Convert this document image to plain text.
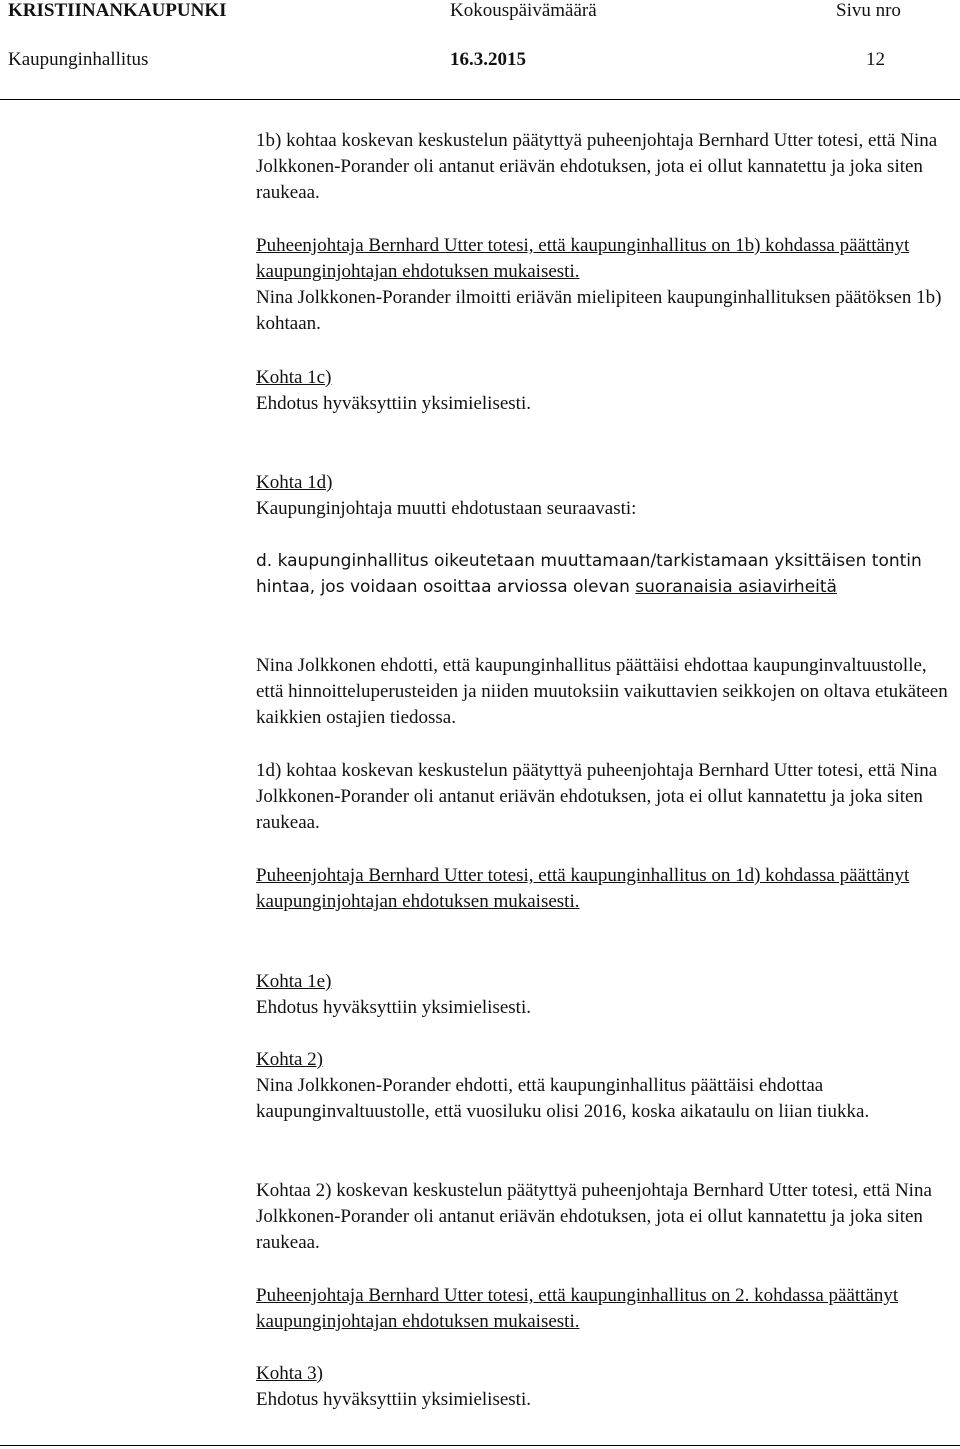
KRISTIINANKAUPUNKI	Kokouspäivämäärä	Sivu nro
Kaupunginhallitus	16.3.2015	12

1b) kohtaa koskevan keskustelun päätyttyä puheenjohtaja Bernhard Utter totesi, että Nina Jolkkonen-Porander oli antanut eriävän ehdotuksen, jota ei ollut kannatettu ja joka siten raukeaa.

Puheenjohtaja Bernhard Utter totesi, että kaupunginhallitus on 1b) kohdassa päättänyt kaupunginjohtajan ehdotuksen mukaisesti.

Nina Jolkkonen-Porander ilmoitti eriävän mielipiteen kaupunginhallituksen päätöksen 1b) kohtaan.

Kohta 1c)

Ehdotus hyväksyttiin yksimielisesti.

Kohta 1d)

Kaupunginjohtaja muutti ehdotustaan seuraavasti:

d. kaupunginhallitus oikeutetaan muuttamaan/tarkistamaan yksittäisen tontin hintaa, jos voidaan osoittaa arviossa olevan suoranaisia asiavirheitä

Nina Jolkkonen ehdotti, että kaupunginhallitus päättäisi ehdottaa kaupunginvaltuustolle, että hinnoitteluperusteiden ja niiden muutoksiin vaikuttavien seikkojen on oltava etukäteen kaikkien ostajien tiedossa.

1d) kohtaa koskevan keskustelun päätyttyä puheenjohtaja Bernhard Utter totesi, että Nina Jolkkonen-Porander oli antanut eriävän ehdotuksen, jota ei ollut kannatettu ja joka siten raukeaa.

Puheenjohtaja Bernhard Utter totesi, että kaupunginhallitus on 1d) kohdassa päättänyt kaupunginjohtajan ehdotuksen mukaisesti.

Kohta 1e)

Ehdotus hyväksyttiin yksimielisesti.

Kohta 2)

Nina Jolkkonen-Porander ehdotti, että kaupunginhallitus päättäisi ehdottaa kaupunginvaltuustolle, että vuosiluku olisi 2016, koska aikataulu on liian tiukka.

Kohtaa 2) koskevan keskustelun päätyttyä puheenjohtaja Bernhard Utter totesi, että Nina Jolkkonen-Porander oli antanut eriävän ehdotuksen, jota ei ollut kannatettu ja joka siten raukeaa.

Puheenjohtaja Bernhard Utter totesi, että kaupunginhallitus on 2. kohdassa päättänyt kaupunginjohtajan ehdotuksen mukaisesti.

Kohta 3)

Ehdotus hyväksyttiin yksimielisesti.
